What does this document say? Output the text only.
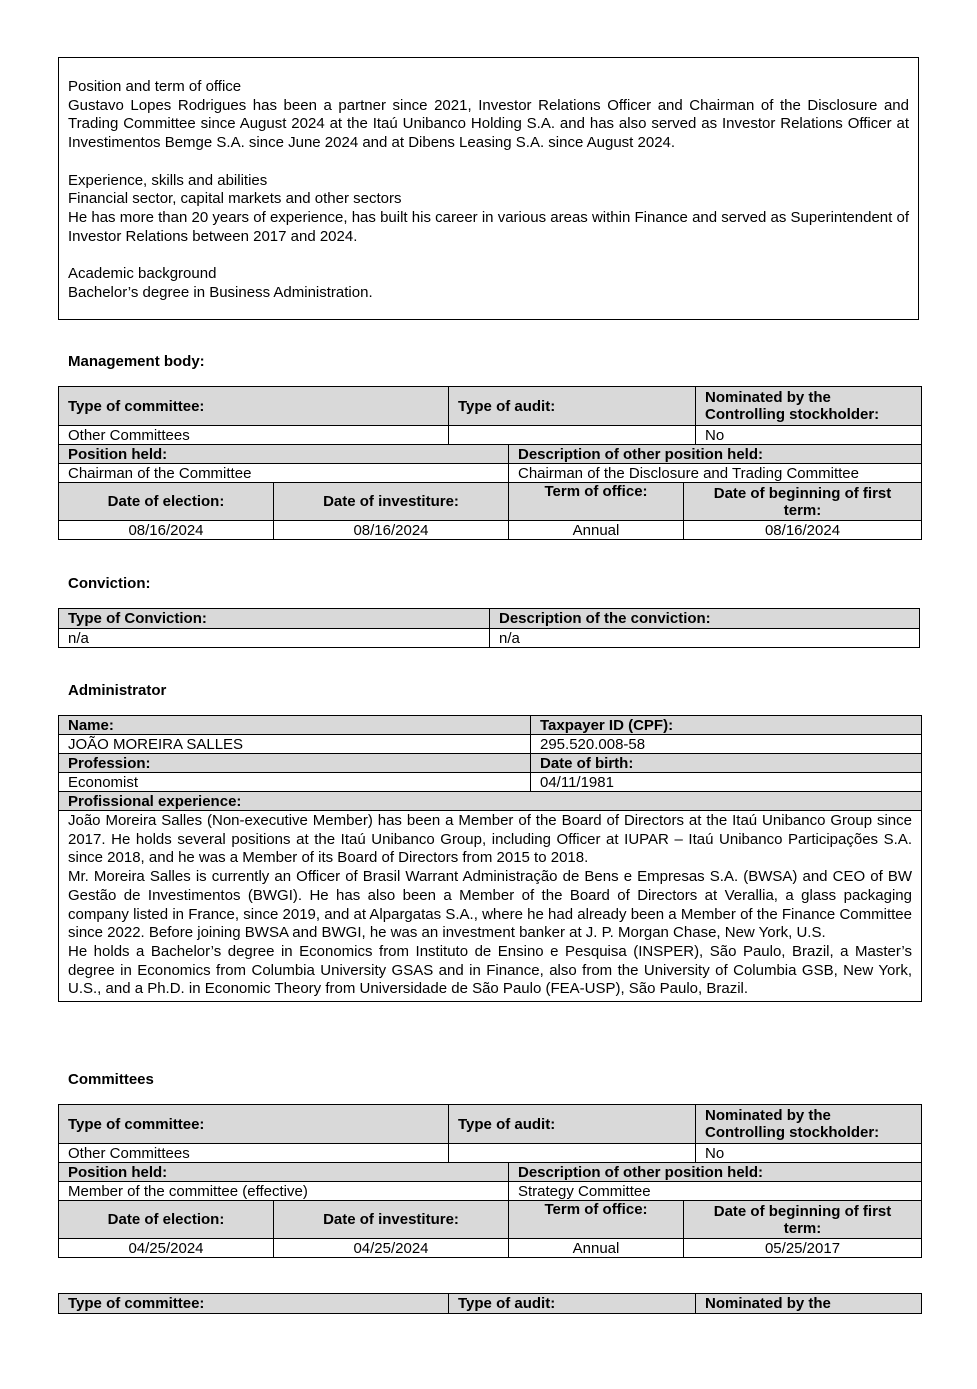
Position and term of office
Gustavo Lopes Rodrigues has been a partner since 2021, Investor Relations Officer and Chairman of the Disclosure and Trading Committee since August 2024 at the Itaú Unibanco Holding S.A. and has also served as Investor Relations Officer at Investimentos Bemge S.A. since June 2024 and at Dibens Leasing S.A. since August 2024.
Experience, skills and abilities
Financial sector, capital markets and other sectors
He has more than 20 years of experience, has built his career in various areas within Finance and served as Superintendent of Investor Relations between 2017 and 2024.
Academic background
Bachelor’s degree in Business Administration.
Management body:
Type of committee:		Type of audit:			Nominated by the
Controlling stockholder:
Other Committees					No
Position held:			Description of other position held:		
Chairman of the Committee			Chairman of the Disclosure and Trading Committee		
Date of election:	Date of investiture:		Term of office:	Date of beginning of first
term:	
08/16/2024	08/16/2024		Annual	08/16/2024	
Conviction:
Type of Conviction:	Description of the conviction:
n/a	n/a
Administrator
Name:	Taxpayer ID (CPF):
JOÃO MOREIRA SALLES	295.520.008-58
Profession:	Date of birth:
Economist	04/11/1981
Profissional experience:	

João Moreira Salles (Non-executive Member) has been a Member of the Board of Directors at the Itaú Unibanco Group since 2017. He holds several positions at the Itaú Unibanco Group, including Officer at IUPAR – Itaú Unibanco Participações S.A. since 2018, and he was a Member of its Board of Directors from 2015 to 2018.
Mr. Moreira Salles is currently an Officer of Brasil Warrant Administração de Bens e Empresas S.A. (BWSA) and CEO of BW Gestão de Investimentos (BWGI). He has also been a Member of the Board of Directors at Verallia, a glass packaging company listed in France, since 2019, and at Alpargatas S.A., where he had already been a Member of the Finance Committee since 2022. Before joining BWSA and BWGI, he was an investment banker at J. P. Morgan Chase, New York, U.S.
He holds a Bachelor’s degree in Economics from Instituto de Ensino e Pesquisa (INSPER), São Paulo, Brazil, a Master’s degree in Economics from Columbia University GSAS and in Finance, also from the University of Columbia GSB, New York, U.S., and a Ph.D. in Economic Theory from Universidade de São Paulo (FEA-USP), São Paulo, Brazil.	
Committees
Type of committee:		Type of audit:			Nominated by the
Controlling stockholder:
Other Committees					No
Position held:			Description of other position held:		
Member of the committee (effective)			Strategy Committee		
Date of election:	Date of investiture:		Term of office:	Date of beginning of first
term:	
04/25/2024	04/25/2024		Annual	05/25/2017	
Type of committee:	Type of audit:	Nominated by the
